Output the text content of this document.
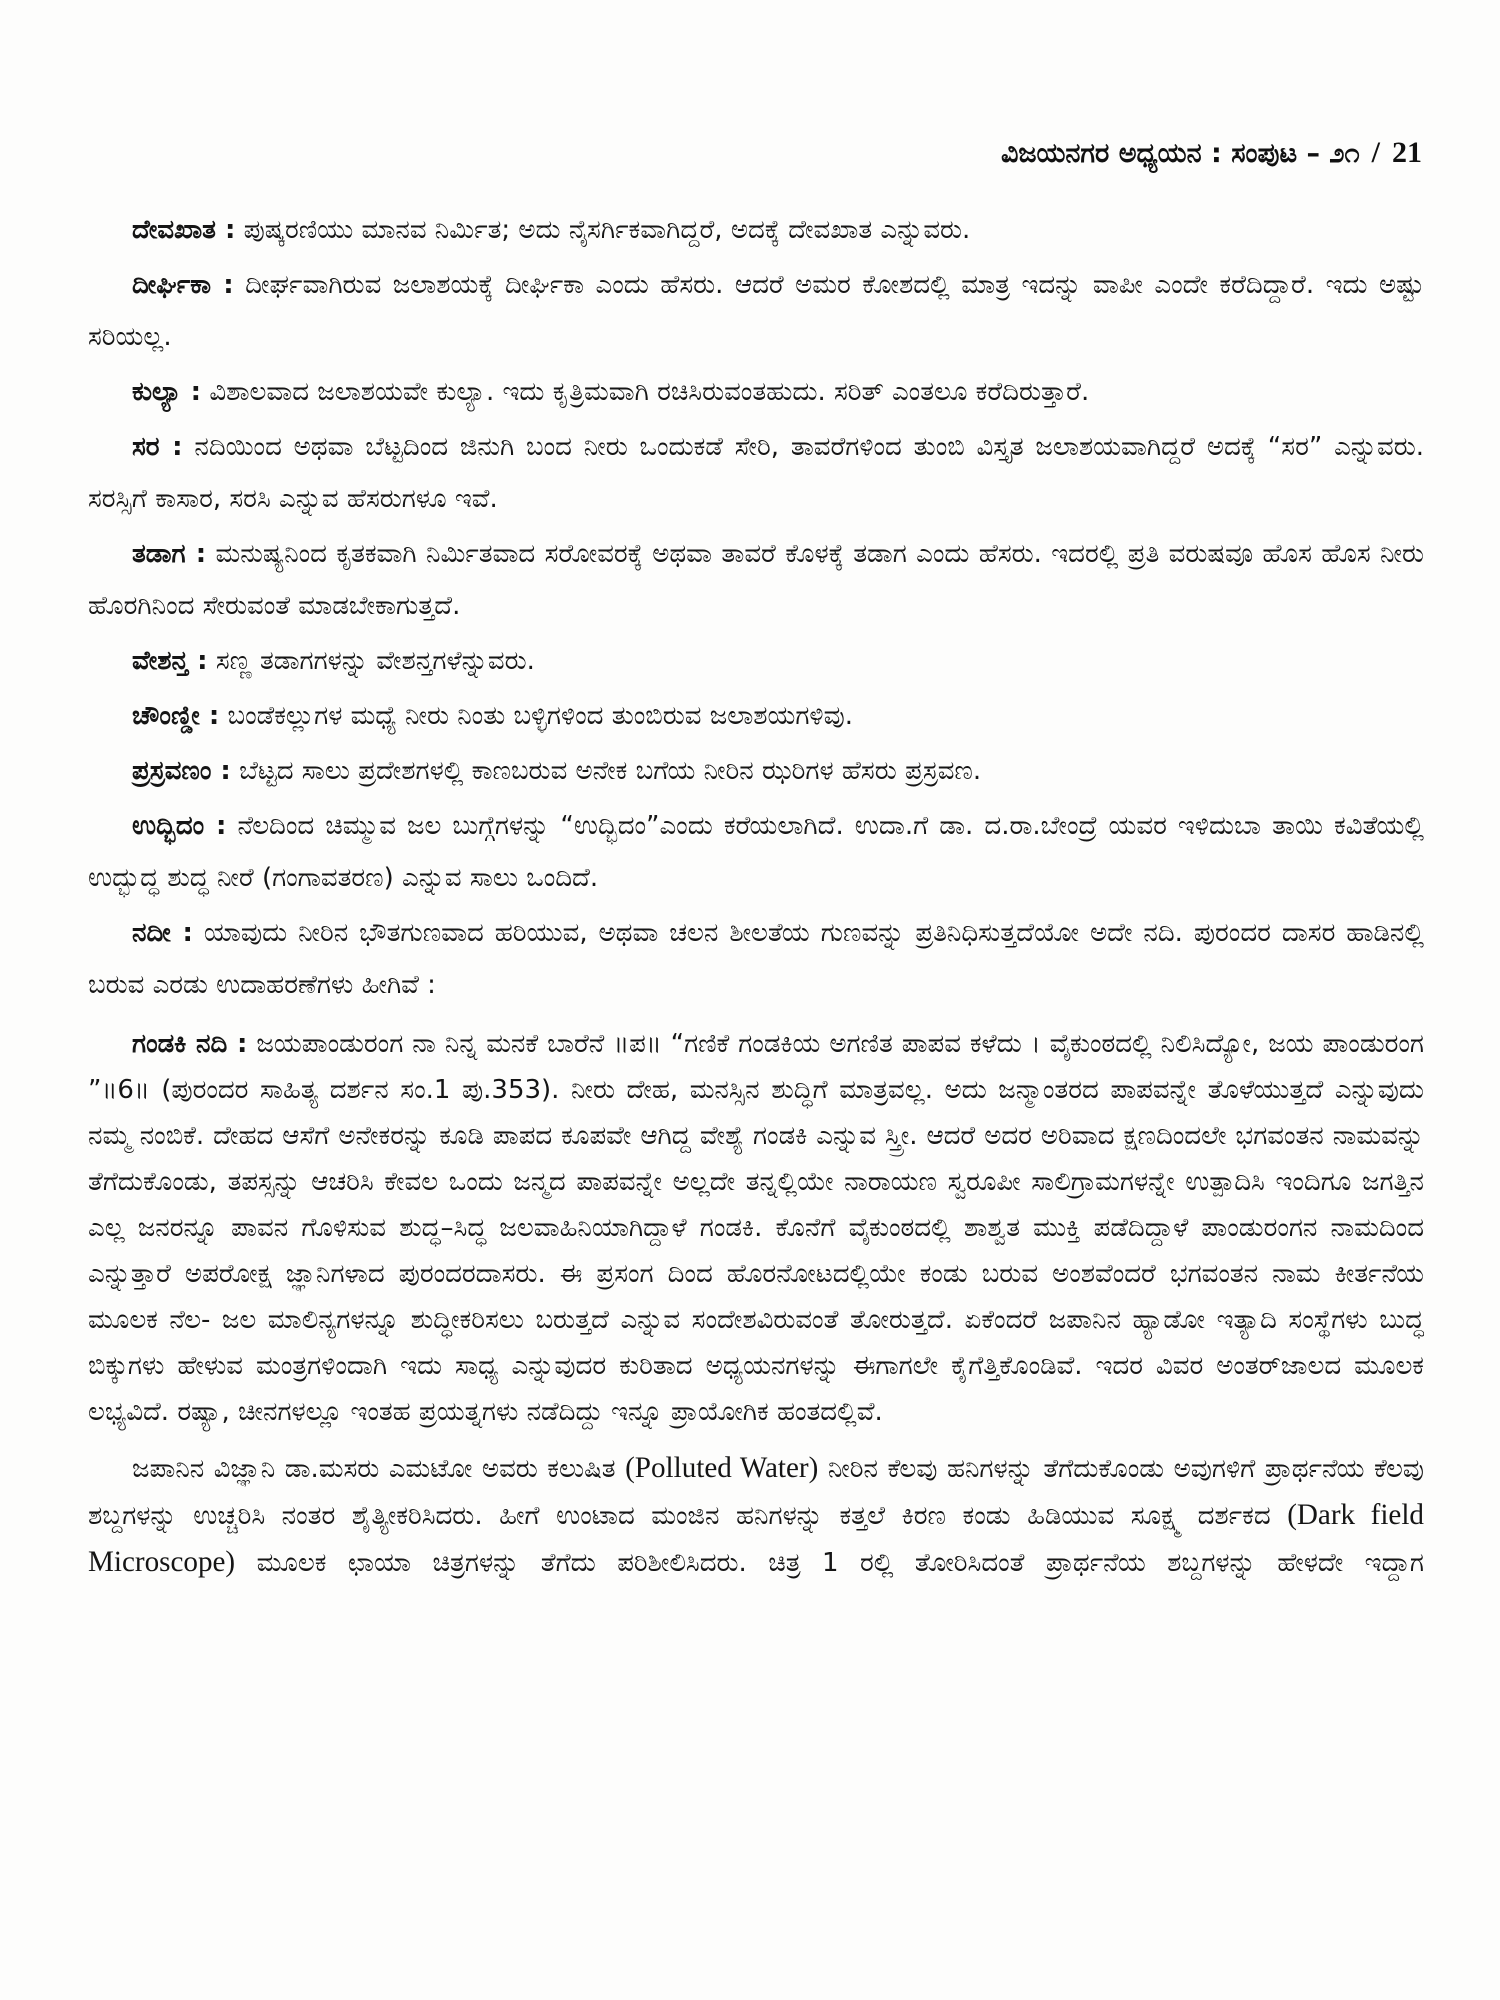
ವಿಜಯನಗರ ಅಧ್ಯಯನ : ಸಂಪುಟ – ೨೧ / 21

ದೇವಖಾತ : ಪುಷ್ಕರಣಿಯು ಮಾನವ ನಿರ್ಮಿತ; ಅದು ನೈಸರ್ಗಿಕವಾಗಿದ್ದರೆ, ಅದಕ್ಕೆ ದೇವಖಾತ ಎನ್ನುವರು.

ದೀರ್ಘಿಕಾ : ದೀರ್ಘವಾಗಿರುವ ಜಲಾಶಯಕ್ಕೆ ದೀರ್ಘಿಕಾ ಎಂದು ಹೆಸರು. ಆದರೆ ಅಮರ ಕೋಶದಲ್ಲಿ ಮಾತ್ರ ಇದನ್ನು ವಾಪೀ ಎಂದೇ ಕರೆದಿದ್ದಾರೆ. ಇದು ಅಷ್ಟು ಸರಿಯಲ್ಲ.

ಕುಲ್ಯಾ : ವಿಶಾಲವಾದ ಜಲಾಶಯವೇ ಕುಲ್ಯಾ. ಇದು ಕೃತ್ರಿಮವಾಗಿ ರಚಿಸಿರುವಂತಹುದು. ಸರಿತ್ ಎಂತಲೂ ಕರೆದಿರುತ್ತಾರೆ.

ಸರ : ನದಿಯಿಂದ ಅಥವಾ ಬೆಟ್ಟದಿಂದ ಜಿನುಗಿ ಬಂದ ನೀರು ಒಂದುಕಡೆ ಸೇರಿ, ತಾವರೆಗಳಿಂದ ತುಂಬಿ ವಿಸ್ತೃತ ಜಲಾಶಯವಾಗಿದ್ದರೆ ಅದಕ್ಕೆ “ಸರ” ಎನ್ನುವರು. ಸರಸ್ಸಿಗೆ ಕಾಸಾರ, ಸರಸಿ ಎನ್ನುವ ಹೆಸರುಗಳೂ ಇವೆ.

ತಡಾಗ : ಮನುಷ್ಯನಿಂದ ಕೃತಕವಾಗಿ ನಿರ್ಮಿತವಾದ ಸರೋವರಕ್ಕೆ ಅಥವಾ ತಾವರೆ ಕೊಳಕ್ಕೆ ತಡಾಗ ಎಂದು ಹೆಸರು. ಇದರಲ್ಲಿ ಪ್ರತಿ ವರುಷವೂ ಹೊಸ ಹೊಸ ನೀರು ಹೊರಗಿನಿಂದ ಸೇರುವಂತೆ ಮಾಡಬೇಕಾಗುತ್ತದೆ.

ವೇಶನ್ತ : ಸಣ್ಣ ತಡಾಗಗಳನ್ನು ವೇಶನ್ತಗಳೆನ್ನುವರು.

ಚೌಂಣ್ಡೀ : ಬಂಡೆಕಲ್ಲುಗಳ ಮಧ್ಯೆ ನೀರು ನಿಂತು ಬಳ್ಳಿಗಳಿಂದ ತುಂಬಿರುವ ಜಲಾಶಯಗಳಿವು.

ಪ್ರಸ್ರವಣಂ : ಬೆಟ್ಟದ ಸಾಲು ಪ್ರದೇಶಗಳಲ್ಲಿ ಕಾಣಬರುವ ಅನೇಕ ಬಗೆಯ ನೀರಿನ ಝರಿಗಳ ಹೆಸರು ಪ್ರಸ್ರವಣ.

ಉದ್ಭಿದಂ : ನೆಲದಿಂದ ಚಿಮ್ಮುವ ಜಲ ಬುಗ್ಗೆಗಳನ್ನು “ಉದ್ಭಿದಂ”ಎಂದು ಕರೆಯಲಾಗಿದೆ. ಉದಾ.ಗೆ ಡಾ. ದ.ರಾ.ಬೇಂದ್ರೆ ಯವರ ಇಳಿದುಬಾ ತಾಯಿ ಕವಿತೆಯಲ್ಲಿ ಉದ್ಭುದ್ಧ ಶುದ್ಧ ನೀರೆ (ಗಂಗಾವತರಣ) ಎನ್ನುವ ಸಾಲು ಒಂದಿದೆ.

ನದೀ : ಯಾವುದು ನೀರಿನ ಭೌತಗುಣವಾದ ಹರಿಯುವ, ಅಥವಾ ಚಲನ ಶೀಲತೆಯ ಗುಣವನ್ನು ಪ್ರತಿನಿಧಿಸುತ್ತದೆಯೋ ಅದೇ ನದಿ. ಪುರಂದರ ದಾಸರ ಹಾಡಿನಲ್ಲಿ ಬರುವ ಎರಡು ಉದಾಹರಣೆಗಳು ಹೀಗಿವೆ :

ಗಂಡಕಿ ನದಿ : ಜಯಪಾಂಡುರಂಗ ನಾ ನಿನ್ನ ಮನಕೆ ಬಾರೆನೆ ॥ಪ॥ “ಗಣಿಕೆ ಗಂಡಕಿಯ ಅಗಣಿತ ಪಾಪವ ಕಳೆದು । ವೈಕುಂಠದಲ್ಲಿ ನಿಲಿಸಿದ್ಯೋ, ಜಯ ಪಾಂಡುರಂಗ ”॥6॥ (ಪುರಂದರ ಸಾಹಿತ್ಯ ದರ್ಶನ ಸಂ.1 ಪು.353). ನೀರು ದೇಹ, ಮನಸ್ಸಿನ ಶುದ್ಧಿಗೆ ಮಾತ್ರವಲ್ಲ. ಅದು ಜನ್ಮಾಂತರದ ಪಾಪವನ್ನೇ ತೊಳೆಯುತ್ತದೆ ಎನ್ನುವುದು ನಮ್ಮ ನಂಬಿಕೆ. ದೇಹದ ಆಸೆಗೆ ಅನೇಕರನ್ನು ಕೂಡಿ ಪಾಪದ ಕೂಪವೇ ಆಗಿದ್ದ ವೇಶ್ಯೆ ಗಂಡಕಿ ಎನ್ನುವ ಸ್ತ್ರೀ. ಆದರೆ ಅದರ ಅರಿವಾದ ಕ್ಷಣದಿಂದಲೇ ಭಗವಂತನ ನಾಮವನ್ನು ತೆಗೆದುಕೊಂಡು, ತಪಸ್ಸನ್ನು ಆಚರಿಸಿ ಕೇವಲ ಒಂದು ಜನ್ಮದ ಪಾಪವನ್ನೇ ಅಲ್ಲದೇ ತನ್ನಲ್ಲಿಯೇ ನಾರಾಯಣ ಸ್ವರೂಪೀ ಸಾಲಿಗ್ರಾಮಗಳನ್ನೇ ಉತ್ಪಾದಿಸಿ ಇಂದಿಗೂ ಜಗತ್ತಿನ ಎಲ್ಲ ಜನರನ್ನೂ ಪಾವನ ಗೊಳಿಸುವ ಶುದ್ಧ–ಸಿದ್ಧ ಜಲವಾಹಿನಿಯಾಗಿದ್ದಾಳೆ ಗಂಡಕಿ. ಕೊನೆಗೆ ವೈಕುಂಠದಲ್ಲಿ ಶಾಶ್ವತ ಮುಕ್ತಿ ಪಡೆದಿದ್ದಾಳೆ ಪಾಂಡುರಂಗನ ನಾಮದಿಂದ ಎನ್ನುತ್ತಾರೆ ಅಪರೋಕ್ಷ ಜ್ಞಾನಿಗಳಾದ ಪುರಂದರದಾಸರು. ಈ ಪ್ರಸಂಗ ದಿಂದ ಹೊರನೋಟದಲ್ಲಿಯೇ ಕಂಡು ಬರುವ ಅಂಶವೆಂದರೆ ಭಗವಂತನ ನಾಮ ಕೀರ್ತನೆಯ ಮೂಲಕ ನೆಲ- ಜಲ ಮಾಲಿನ್ಯಗಳನ್ನೂ ಶುದ್ಧೀಕರಿಸಲು ಬರುತ್ತದೆ ಎನ್ನುವ ಸಂದೇಶವಿರುವಂತೆ ತೋರುತ್ತದೆ. ಏಕೆಂದರೆ ಜಪಾನಿನ ಹ್ಯಾಡೋ ಇತ್ಯಾದಿ ಸಂಸ್ಥೆಗಳು ಬುದ್ಧ ಬಿಕ್ಕುಗಳು ಹೇಳುವ ಮಂತ್ರಗಳಿಂದಾಗಿ ಇದು ಸಾಧ್ಯ ಎನ್ನುವುದರ ಕುರಿತಾದ ಅಧ್ಯಯನಗಳನ್ನು ಈಗಾಗಲೇ ಕೈಗೆತ್ತಿಕೊಂಡಿವೆ. ಇದರ ವಿವರ ಅಂತರ್‌ಜಾಲದ ಮೂಲಕ ಲಭ್ಯವಿದೆ. ರಷ್ಯಾ, ಚೀನಗಳಲ್ಲೂ ಇಂತಹ ಪ್ರಯತ್ನಗಳು ನಡೆದಿದ್ದು ಇನ್ನೂ ಪ್ರಾಯೋಗಿಕ ಹಂತದಲ್ಲಿವೆ.

ಜಪಾನಿನ ವಿಜ್ಞಾನಿ ಡಾ.ಮಸರು ಎಮಟೋ ಅವರು ಕಲುಷಿತ (Polluted Water) ನೀರಿನ ಕೆಲವು ಹನಿಗಳನ್ನು ತೆಗೆದುಕೊಂಡು ಅವುಗಳಿಗೆ ಪ್ರಾರ್ಥನೆಯ ಕೆಲವು ಶಬ್ದಗಳನ್ನು ಉಚ್ಚರಿಸಿ ನಂತರ ಶೈತ್ಯೀಕರಿಸಿದರು. ಹೀಗೆ ಉಂಟಾದ ಮಂಜಿನ ಹನಿಗಳನ್ನು ಕತ್ತಲೆ ಕಿರಣ ಕಂಡು ಹಿಡಿಯುವ ಸೂಕ್ಷ್ಮ ದರ್ಶಕದ (Dark field Microscope) ಮೂಲಕ ಛಾಯಾ ಚಿತ್ರಗಳನ್ನು ತೆಗೆದು ಪರಿಶೀಲಿಸಿದರು. ಚಿತ್ರ 1 ರಲ್ಲಿ ತೋರಿಸಿದಂತೆ ಪ್ರಾರ್ಥನೆಯ ಶಬ್ದಗಳನ್ನು ಹೇಳದೇ ಇದ್ದಾಗ
